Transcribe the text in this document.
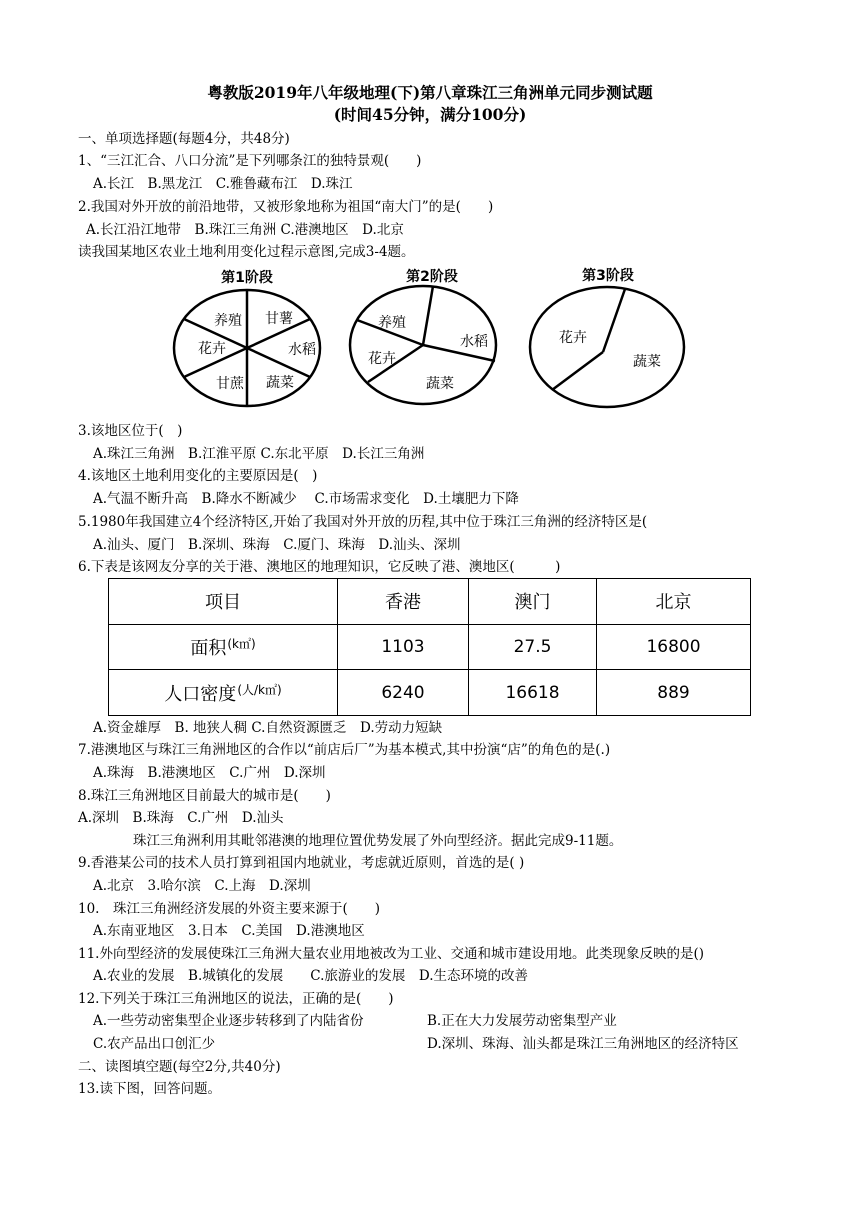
粤教版2019年八年级地理(下)第八章珠江三角洲单元同步测试题
(时间45分钟，满分100分)
一、单项选择题(每题4分，共48分)
1、“三江汇合、八口分流”是下列哪条江的独特景观(　　)
A.长江　B.黑龙江　C.雅鲁藏布江　D.珠江
2.我国对外开放的前沿地带，又被形象地称为祖国“南大门”的是(　　)
A.长江沿江地带　B.珠江三角洲 C.港澳地区　D.北京
读我国某地区农业土地利用变化过程示意图,完成3-4题。
第1阶段
养殖 甘薯
花卉	水稻
甘蔗 蔬菜
第2阶段
养殖
花卉
水稻
蔬菜
第3阶段
花卉
蔬菜
3.该地区位于(　)
A.珠江三角洲　B.江淮平原 C.东北平原　D.长江三角洲
4.该地区土地利用变化的主要原因是(　)
A.气温不断升高　B.降水不断减少　 C.市场需求变化　D.土壤肥力下降
5.1980年我国建立4个经济特区,开始了我国对外开放的历程,其中位于珠江三角洲的经济特区是(
A.汕头、厦门　B.深圳、珠海　C.厦门、珠海　D.汕头、深圳
6.下表是该网友分享的关于港、澳地区的地理知识，它反映了港、澳地区(　　　)
项目	香港	澳门	北京
面积$^{(k㎡)}$	1103	27.5	16800
人口密度$^{(人/k㎡)}$	6240	16618	889
A.资金雄厚　B. 地狭人稠 C.自然资源匮乏　D.劳动力短缺
7.港澳地区与珠江三角洲地区的合作以“前店后厂”为基本模式,其中扮演“店”的角色的是(.)
A.珠海　B.港澳地区　C.广州　D.深圳
8.珠江三角洲地区目前最大的城市是(　　)
A.深圳　B.珠海　C.广州　D.汕头
珠江三角洲利用其毗邻港澳的地理位置优势发展了外向型经济。据此完成9-11题。
9.香港某公司的技术人员打算到祖国内地就业，考虑就近原则，首选的是( )
A.北京　3.哈尔滨　C.上海　D.深圳
10.　珠江三角洲经济发展的外资主要来源于(　　)
A.东南亚地区　3.日本　C.美国　D.港澳地区
11.外向型经济的发展使珠江三角洲大量农业用地被改为工业、交通和城市建设用地。此类现象反映的是()
A.农业的发展　B.城镇化的发展　　C.旅游业的发展　D.生态环境的改善
12.下列关于珠江三角洲地区的说法，正确的是(　　)
A.一些劳动密集型企业逐步转移到了内陆省份	B.正在大力发展劳动密集型产业
C.农产品出口创汇少	D.深圳、珠海、汕头都是珠江三角洲地区的经济特区
二、读图填空题(每空2分,共40分)
13.读下图，回答问题。
